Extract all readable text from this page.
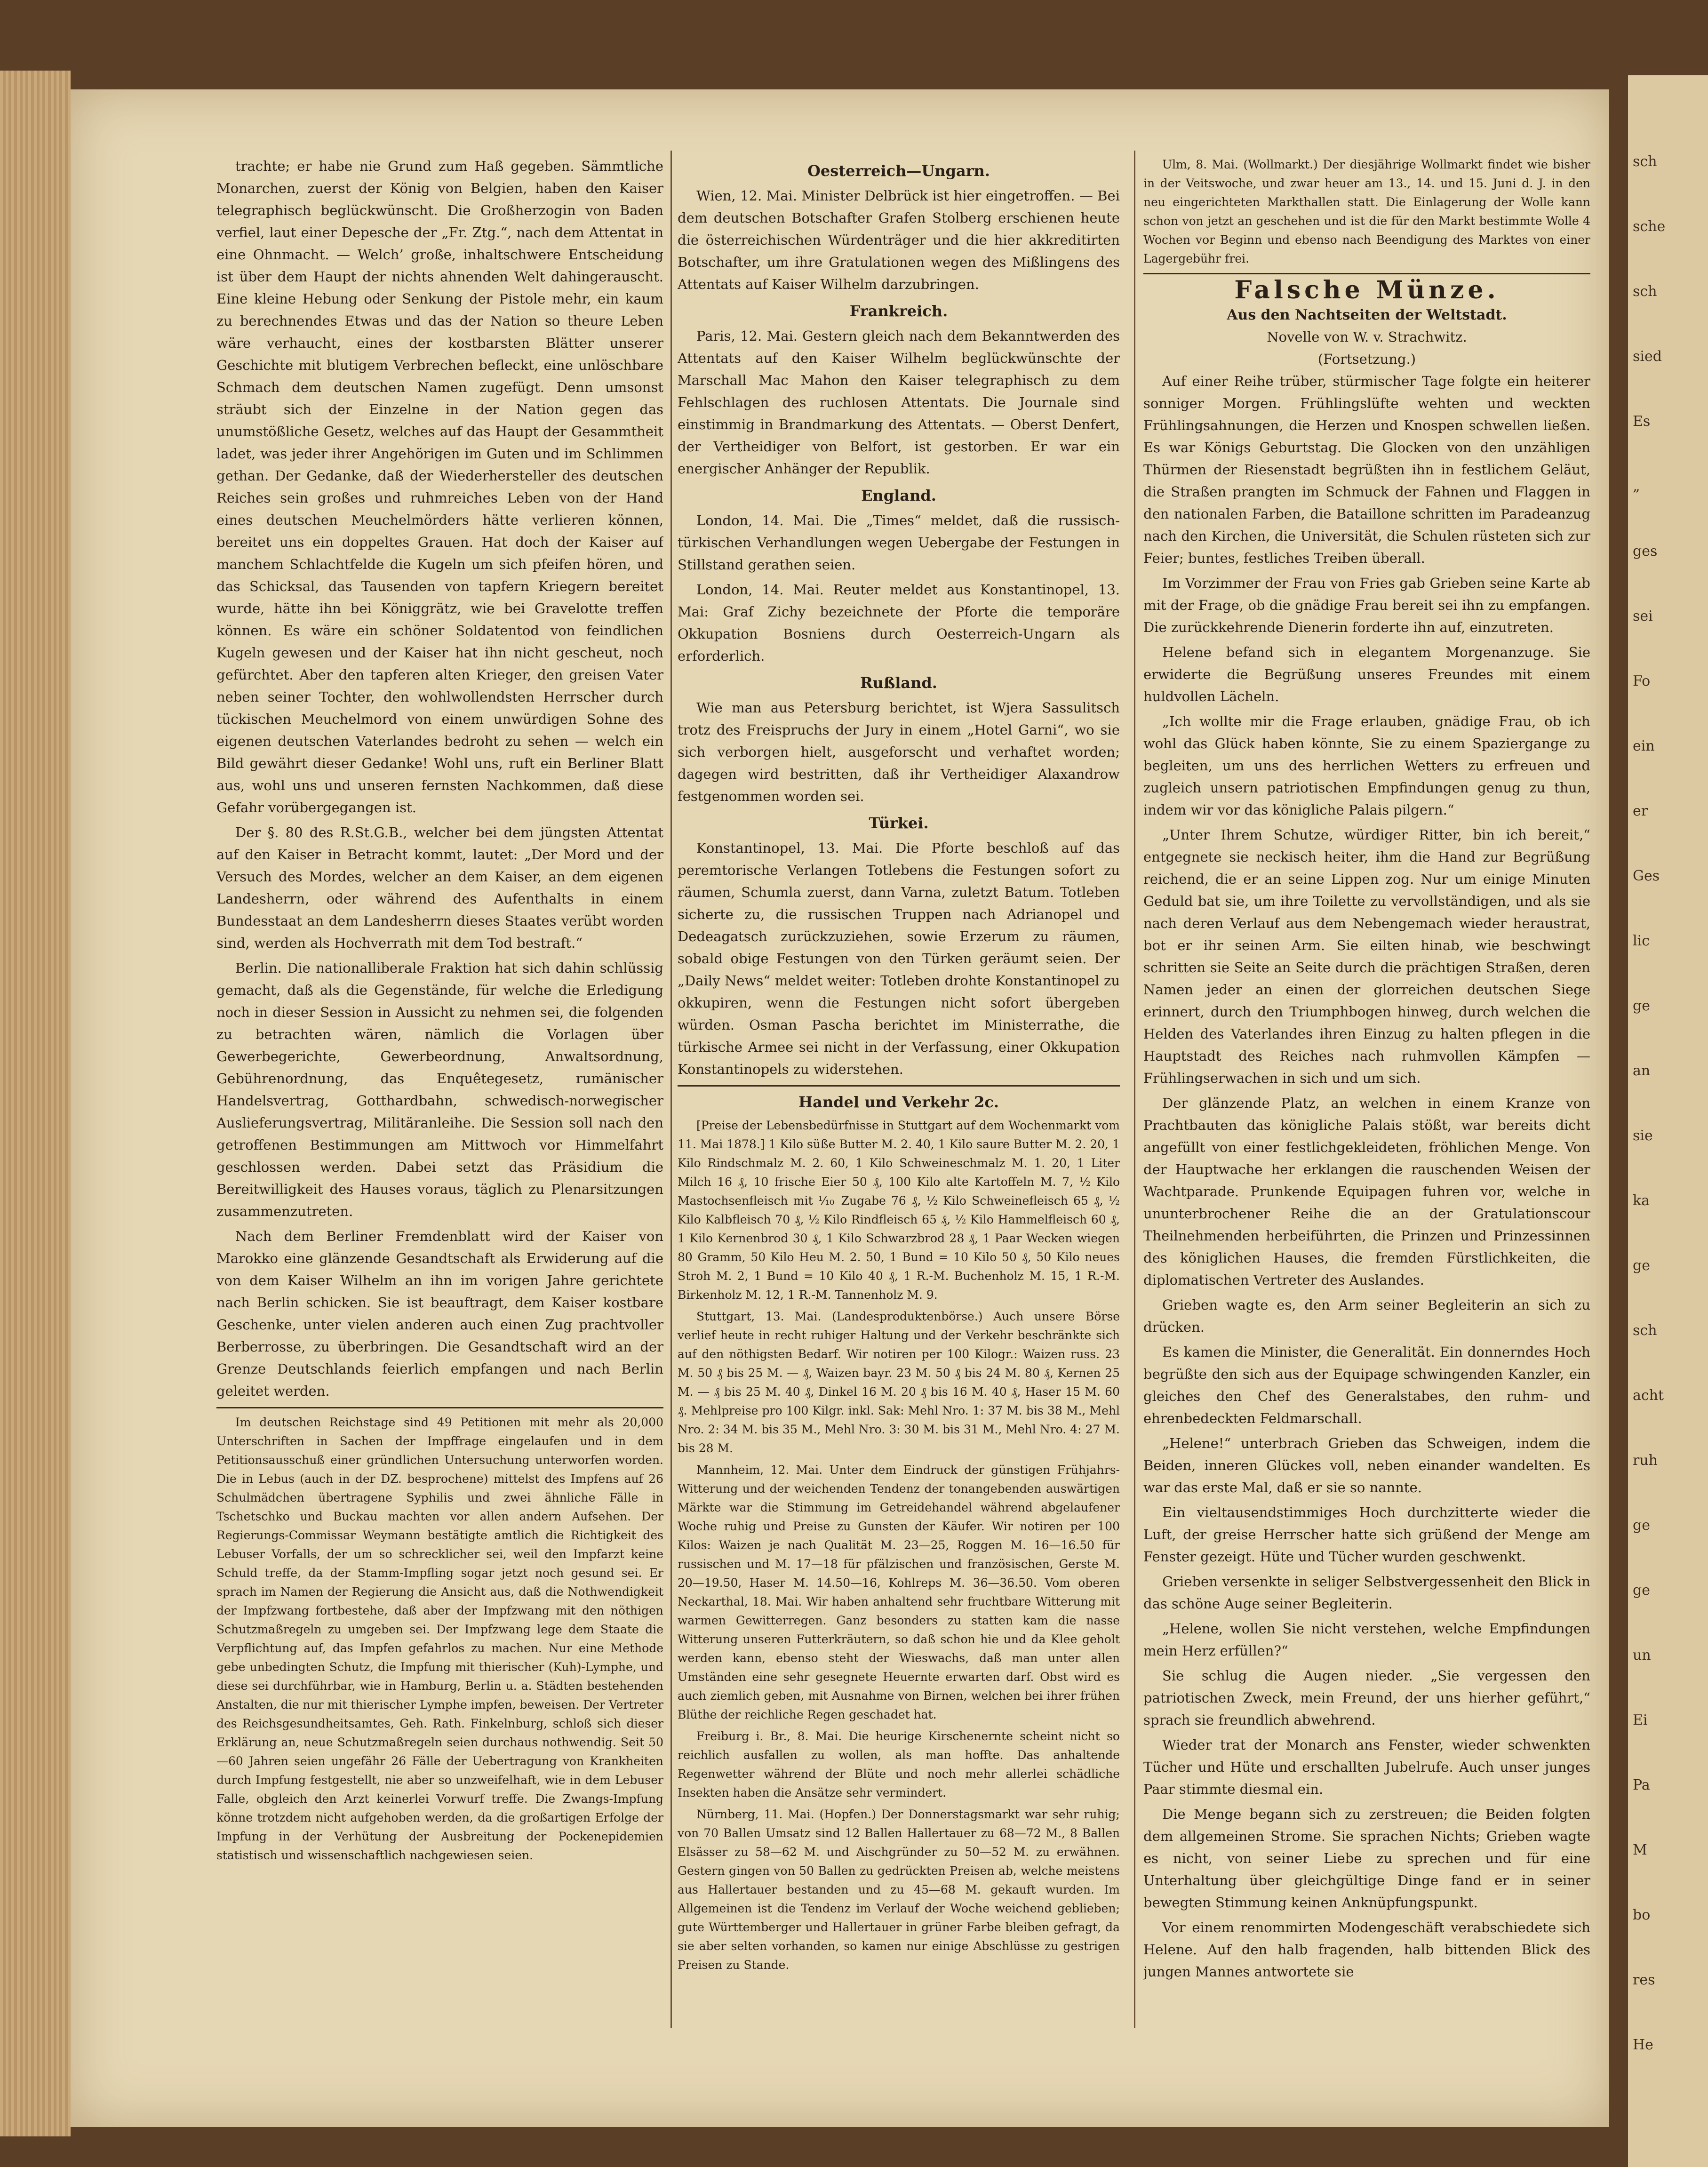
trachte; er habe nie Grund zum Haß gegeben. Sämmtliche Monarchen, zuerst der König von Belgien, haben den Kaiser telegraphisch beglückwünscht. Die Großherzogin von Baden verfiel, laut einer Depesche der „Fr. Ztg.“, nach dem Attentat in eine Ohnmacht. — Welch’ große, inhaltschwere Entscheidung ist über dem Haupt der nichts ahnenden Welt dahingerauscht. Eine kleine Hebung oder Senkung der Pistole mehr, ein kaum zu berechnendes Etwas und das der Nation so theure Leben wäre verhaucht, eines der kostbarsten Blätter unserer Geschichte mit blutigem Verbrechen befleckt, eine unlöschbare Schmach dem deutschen Namen zugefügt. Denn umsonst sträubt sich der Einzelne in der Nation gegen das unumstößliche Gesetz, welches auf das Haupt der Gesammtheit ladet, was jeder ihrer Angehörigen im Guten und im Schlimmen gethan. Der Gedanke, daß der Wiederhersteller des deutschen Reiches sein großes und ruhmreiches Leben von der Hand eines deutschen Meuchelmörders hätte verlieren können, bereitet uns ein doppeltes Grauen. Hat doch der Kaiser auf manchem Schlachtfelde die Kugeln um sich pfeifen hören, und das Schicksal, das Tausenden von tapfern Kriegern bereitet wurde, hätte ihn bei Königgrätz, wie bei Gravelotte treffen können. Es wäre ein schöner Soldatentod von feindlichen Kugeln gewesen und der Kaiser hat ihn nicht gescheut, noch gefürchtet. Aber den tapferen alten Krieger, den greisen Vater neben seiner Tochter, den wohlwollendsten Herrscher durch tückischen Meuchelmord von einem unwürdigen Sohne des eigenen deutschen Vaterlandes bedroht zu sehen — welch ein Bild gewährt dieser Gedanke! Wohl uns, ruft ein Berliner Blatt aus, wohl uns und unseren fernsten Nachkommen, daß diese Gefahr vorübergegangen ist.

Der §. 80 des R.St.G.B., welcher bei dem jüngsten Attentat auf den Kaiser in Betracht kommt, lautet: „Der Mord und der Versuch des Mordes, welcher an dem Kaiser, an dem eigenen Landesherrn, oder während des Aufenthalts in einem Bundesstaat an dem Landesherrn dieses Staates verübt worden sind, werden als Hochverrath mit dem Tod bestraft.“

Berlin. Die nationalliberale Fraktion hat sich dahin schlüssig gemacht, daß als die Gegenstände, für welche die Erledigung noch in dieser Session in Aussicht zu nehmen sei, die folgenden zu betrachten wären, nämlich die Vorlagen über Gewerbegerichte, Gewerbeordnung, Anwaltsordnung, Gebührenordnung, das Enquêtegesetz, rumänischer Handelsvertrag, Gotthardbahn, schwedisch-norwegischer Auslieferungsvertrag, Militäranleihe. Die Session soll nach den getroffenen Bestimmungen am Mittwoch vor Himmelfahrt geschlossen werden. Dabei setzt das Präsidium die Bereitwilligkeit des Hauses voraus, täglich zu Plenarsitzungen zusammenzutreten.

Nach dem Berliner Fremdenblatt wird der Kaiser von Marokko eine glänzende Gesandtschaft als Erwiderung auf die von dem Kaiser Wilhelm an ihn im vorigen Jahre gerichtete nach Berlin schicken. Sie ist beauftragt, dem Kaiser kostbare Geschenke, unter vielen anderen auch einen Zug prachtvoller Berberrosse, zu überbringen. Die Gesandtschaft wird an der Grenze Deutschlands feierlich empfangen und nach Berlin geleitet werden.

Im deutschen Reichstage sind 49 Petitionen mit mehr als 20,000 Unterschriften in Sachen der Impffrage eingelaufen und in dem Petitionsausschuß einer gründlichen Untersuchung unterworfen worden. Die in Lebus (auch in der DZ. besprochene) mittelst des Impfens auf 26 Schulmädchen übertragene Syphilis und zwei ähnliche Fälle in Tschetschko und Buckau machten vor allen andern Aufsehen. Der Regierungs-Commissar Weymann bestätigte amtlich die Richtigkeit des Lebuser Vorfalls, der um so schrecklicher sei, weil den Impfarzt keine Schuld treffe, da der Stamm-Impfling sogar jetzt noch gesund sei. Er sprach im Namen der Regierung die Ansicht aus, daß die Nothwendigkeit der Impfzwang fortbestehe, daß aber der Impfzwang mit den nöthigen Schutzmaßregeln zu umgeben sei. Der Impfzwang lege dem Staate die Verpflichtung auf, das Impfen gefahrlos zu machen. Nur eine Methode gebe unbedingten Schutz, die Impfung mit thierischer (Kuh)-Lymphe, und diese sei durchführbar, wie in Hamburg, Berlin u. a. Städten bestehenden Anstalten, die nur mit thierischer Lymphe impfen, beweisen. Der Vertreter des Reichsgesundheitsamtes, Geh. Rath. Finkelnburg, schloß sich dieser Erklärung an, neue Schutzmaßregeln seien durchaus nothwendig. Seit 50—60 Jahren seien ungefähr 26 Fälle der Uebertragung von Krankheiten durch Impfung festgestellt, nie aber so unzweifelhaft, wie in dem Lebuser Falle, obgleich den Arzt keinerlei Vorwurf treffe. Die Zwangs-Impfung könne trotzdem nicht aufgehoben werden, da die großartigen Erfolge der Impfung in der Verhütung der Ausbreitung der Pockenepidemien statistisch und wissenschaftlich nachgewiesen seien.

Oesterreich—Ungarn.

Wien, 12. Mai. Minister Delbrück ist hier eingetroffen. — Bei dem deutschen Botschafter Grafen Stolberg erschienen heute die österreichischen Würdenträger und die hier akkreditirten Botschafter, um ihre Gratulationen wegen des Mißlingens des Attentats auf Kaiser Wilhelm darzubringen.

Frankreich.

Paris, 12. Mai. Gestern gleich nach dem Bekanntwerden des Attentats auf den Kaiser Wilhelm beglückwünschte der Marschall Mac Mahon den Kaiser telegraphisch zu dem Fehlschlagen des ruchlosen Attentats. Die Journale sind einstimmig in Brandmarkung des Attentats. — Oberst Denfert, der Vertheidiger von Belfort, ist gestorben. Er war ein energischer Anhänger der Republik.

England.

London, 14. Mai. Die „Times“ meldet, daß die russisch-türkischen Verhandlungen wegen Uebergabe der Festungen in Stillstand gerathen seien.

London, 14. Mai. Reuter meldet aus Konstantinopel, 13. Mai: Graf Zichy bezeichnete der Pforte die temporäre Okkupation Bosniens durch Oesterreich-Ungarn als erforderlich.

Rußland.

Wie man aus Petersburg berichtet, ist Wjera Sassulitsch trotz des Freispruchs der Jury in einem „Hotel Garni“, wo sie sich verborgen hielt, ausgeforscht und verhaftet worden; dagegen wird bestritten, daß ihr Vertheidiger Alaxandrow festgenommen worden sei.

Türkei.

Konstantinopel, 13. Mai. Die Pforte beschloß auf das peremtorische Verlangen Totlebens die Festungen sofort zu räumen, Schumla zuerst, dann Varna, zuletzt Batum. Totleben sicherte zu, die russischen Truppen nach Adrianopel und Dedeagatsch zurückzuziehen, sowie Erzerum zu räumen, sobald obige Festungen von den Türken geräumt seien. Der „Daily News“ meldet weiter: Totleben drohte Konstantinopel zu okkupiren, wenn die Festungen nicht sofort übergeben würden. Osman Pascha berichtet im Ministerrathe, die türkische Armee sei nicht in der Verfassung, einer Okkupation Konstantinopels zu widerstehen.

Handel und Verkehr 2c.

[Preise der Lebensbedürfnisse in Stuttgart auf dem Wochenmarkt vom 11. Mai 1878.] 1 Kilo süße Butter M. 2. 40, 1 Kilo saure Butter M. 2. 20, 1 Kilo Rindschmalz M. 2. 60, 1 Kilo Schweineschmalz M. 1. 20, 1 Liter Milch 16 ₰, 10 frische Eier 50 ₰, 100 Kilo alte Kartoffeln M. 7, ½ Kilo Mastochsenfleisch mit ⅒ Zugabe 76 ₰, ½ Kilo Schweinefleisch 65 ₰, ½ Kilo Kalbfleisch 70 ₰, ½ Kilo Rindfleisch 65 ₰, ½ Kilo Hammelfleisch 60 ₰, 1 Kilo Kernenbrod 30 ₰, 1 Kilo Schwarzbrod 28 ₰, 1 Paar Wecken wiegen 80 Gramm, 50 Kilo Heu M. 2. 50, 1 Bund = 10 Kilo 50 ₰, 50 Kilo neues Stroh M. 2, 1 Bund = 10 Kilo 40 ₰, 1 R.-M. Buchenholz M. 15, 1 R.-M. Birkenholz M. 12, 1 R.-M. Tannenholz M. 9.

Stuttgart, 13. Mai. (Landesproduktenbörse.) Auch unsere Börse verlief heute in recht ruhiger Haltung und der Verkehr beschränkte sich auf den nöthigsten Bedarf. Wir notiren per 100 Kilogr.: Waizen russ. 23 M. 50 ₰ bis 25 M. — ₰, Waizen bayr. 23 M. 50 ₰ bis 24 M. 80 ₰, Kernen 25 M. — ₰ bis 25 M. 40 ₰, Dinkel 16 M. 20 ₰ bis 16 M. 40 ₰, Haser 15 M. 60 ₰. Mehlpreise pro 100 Kilgr. inkl. Sak: Mehl Nro. 1: 37 M. bis 38 M., Mehl Nro. 2: 34 M. bis 35 M., Mehl Nro. 3: 30 M. bis 31 M., Mehl Nro. 4: 27 M. bis 28 M.

Mannheim, 12. Mai. Unter dem Eindruck der günstigen Frühjahrs-Witterung und der weichenden Tendenz der tonangebenden auswärtigen Märkte war die Stimmung im Getreidehandel während abgelaufener Woche ruhig und Preise zu Gunsten der Käufer. Wir notiren per 100 Kilos: Waizen je nach Qualität M. 23—25, Roggen M. 16—16.50 für russischen und M. 17—18 für pfälzischen und französischen, Gerste M. 20—19.50, Haser M. 14.50—16, Kohlreps M. 36—36.50. Vom oberen Neckarthal, 18. Mai. Wir haben anhaltend sehr fruchtbare Witterung mit warmen Gewitterregen. Ganz besonders zu statten kam die nasse Witterung unseren Futterkräutern, so daß schon hie und da Klee geholt werden kann, ebenso steht der Wieswachs, daß man unter allen Umständen eine sehr gesegnete Heuernte erwarten darf. Obst wird es auch ziemlich geben, mit Ausnahme von Birnen, welchen bei ihrer frühen Blüthe der reichliche Regen geschadet hat.

Freiburg i. Br., 8. Mai. Die heurige Kirschenernte scheint nicht so reichlich ausfallen zu wollen, als man hoffte. Das anhaltende Regenwetter während der Blüte und noch mehr allerlei schädliche Insekten haben die Ansätze sehr vermindert.

Nürnberg, 11. Mai. (Hopfen.) Der Donnerstagsmarkt war sehr ruhig; von 70 Ballen Umsatz sind 12 Ballen Hallertauer zu 68—72 M., 8 Ballen Elsässer zu 58—62 M. und Aischgründer zu 50—52 M. zu erwähnen. Gestern gingen von 50 Ballen zu gedrückten Preisen ab, welche meistens aus Hallertauer bestanden und zu 45—68 M. gekauft wurden. Im Allgemeinen ist die Tendenz im Verlauf der Woche weichend geblieben; gute Württemberger und Hallertauer in grüner Farbe bleiben gefragt, da sie aber selten vorhanden, so kamen nur einige Abschlüsse zu gestrigen Preisen zu Stande.

Ulm, 8. Mai. (Wollmarkt.) Der diesjährige Wollmarkt findet wie bisher in der Veitswoche, und zwar heuer am 13., 14. und 15. Juni d. J. in den neu eingerichteten Markthallen statt. Die Einlagerung der Wolle kann schon von jetzt an geschehen und ist die für den Markt bestimmte Wolle 4 Wochen vor Beginn und ebenso nach Beendigung des Marktes von einer Lagergebühr frei.

Falsche Münze.
Aus den Nachtseiten der Weltstadt.
Novelle von W. v. Strachwitz.
(Fortsetzung.)

Auf einer Reihe trüber, stürmischer Tage folgte ein heiterer sonniger Morgen. Frühlingslüfte wehten und weckten Frühlingsahnungen, die Herzen und Knospen schwellen ließen. Es war Königs Geburtstag. Die Glocken von den unzähligen Thürmen der Riesenstadt begrüßten ihn in festlichem Geläut, die Straßen prangten im Schmuck der Fahnen und Flaggen in den nationalen Farben, die Bataillone schritten im Paradeanzug nach den Kirchen, die Universität, die Schulen rüsteten sich zur Feier; buntes, festliches Treiben überall.

Im Vorzimmer der Frau von Fries gab Grieben seine Karte ab mit der Frage, ob die gnädige Frau bereit sei ihn zu empfangen. Die zurückkehrende Dienerin forderte ihn auf, einzutreten.

Helene befand sich in elegantem Morgenanzuge. Sie erwiderte die Begrüßung unseres Freundes mit einem huldvollen Lächeln.

„Ich wollte mir die Frage erlauben, gnädige Frau, ob ich wohl das Glück haben könnte, Sie zu einem Spaziergange zu begleiten, um uns des herrlichen Wetters zu erfreuen und zugleich unsern patriotischen Empfindungen genug zu thun, indem wir vor das königliche Palais pilgern.“

„Unter Ihrem Schutze, würdiger Ritter, bin ich bereit,“ entgegnete sie neckisch heiter, ihm die Hand zur Begrüßung reichend, die er an seine Lippen zog. Nur um einige Minuten Geduld bat sie, um ihre Toilette zu vervollständigen, und als sie nach deren Verlauf aus dem Nebengemach wieder heraustrat, bot er ihr seinen Arm. Sie eilten hinab, wie beschwingt schritten sie Seite an Seite durch die prächtigen Straßen, deren Namen jeder an einen der glorreichen deutschen Siege erinnert, durch den Triumphbogen hinweg, durch welchen die Helden des Vaterlandes ihren Einzug zu halten pflegen in die Hauptstadt des Reiches nach ruhmvollen Kämpfen — Frühlingserwachen in sich und um sich.

Der glänzende Platz, an welchen in einem Kranze von Prachtbauten das königliche Palais stößt, war bereits dicht angefüllt von einer festlichgekleideten, fröhlichen Menge. Von der Hauptwache her erklangen die rauschenden Weisen der Wachtparade. Prunkende Equipagen fuhren vor, welche in ununterbrochener Reihe die an der Gratulationscour Theilnehmenden herbeiführten, die Prinzen und Prinzessinnen des königlichen Hauses, die fremden Fürstlichkeiten, die diplomatischen Vertreter des Auslandes.

Grieben wagte es, den Arm seiner Begleiterin an sich zu drücken.

Es kamen die Minister, die Generalität. Ein donnerndes Hoch begrüßte den sich aus der Equipage schwingenden Kanzler, ein gleiches den Chef des Generalstabes, den ruhm- und ehrenbedeckten Feldmarschall.

„Helene!“ unterbrach Grieben das Schweigen, indem die Beiden, inneren Glückes voll, neben einander wandelten. Es war das erste Mal, daß er sie so nannte.

Ein vieltausendstimmiges Hoch durchzitterte wieder die Luft, der greise Herrscher hatte sich grüßend der Menge am Fenster gezeigt. Hüte und Tücher wurden geschwenkt.

Grieben versenkte in seliger Selbstvergessenheit den Blick in das schöne Auge seiner Begleiterin.

„Helene, wollen Sie nicht verstehen, welche Empfindungen mein Herz erfüllen?“

Sie schlug die Augen nieder. „Sie vergessen den patriotischen Zweck, mein Freund, der uns hierher geführt,“ sprach sie freundlich abwehrend.

Wieder trat der Monarch ans Fenster, wieder schwenkten Tücher und Hüte und erschallten Jubelrufe. Auch unser junges Paar stimmte diesmal ein.

Die Menge begann sich zu zerstreuen; die Beiden folgten dem allgemeinen Strome. Sie sprachen Nichts; Grieben wagte es nicht, von seiner Liebe zu sprechen und für eine Unterhaltung über gleichgültige Dinge fand er in seiner bewegten Stimmung keinen Anknüpfungspunkt.

Vor einem renommirten Modengeschäft verabschiedete sich Helene. Auf den halb fragenden, halb bittenden Blick des jungen Mannes antwortete sie

sch
sche
sch
sied
Es
„
ges
sei
Fo
ein
er
Ges
lic
ge
an
sie
ka
ge
sch
acht
ruh
ge
ge
un
Ei
Pa
M
bo
res
He
